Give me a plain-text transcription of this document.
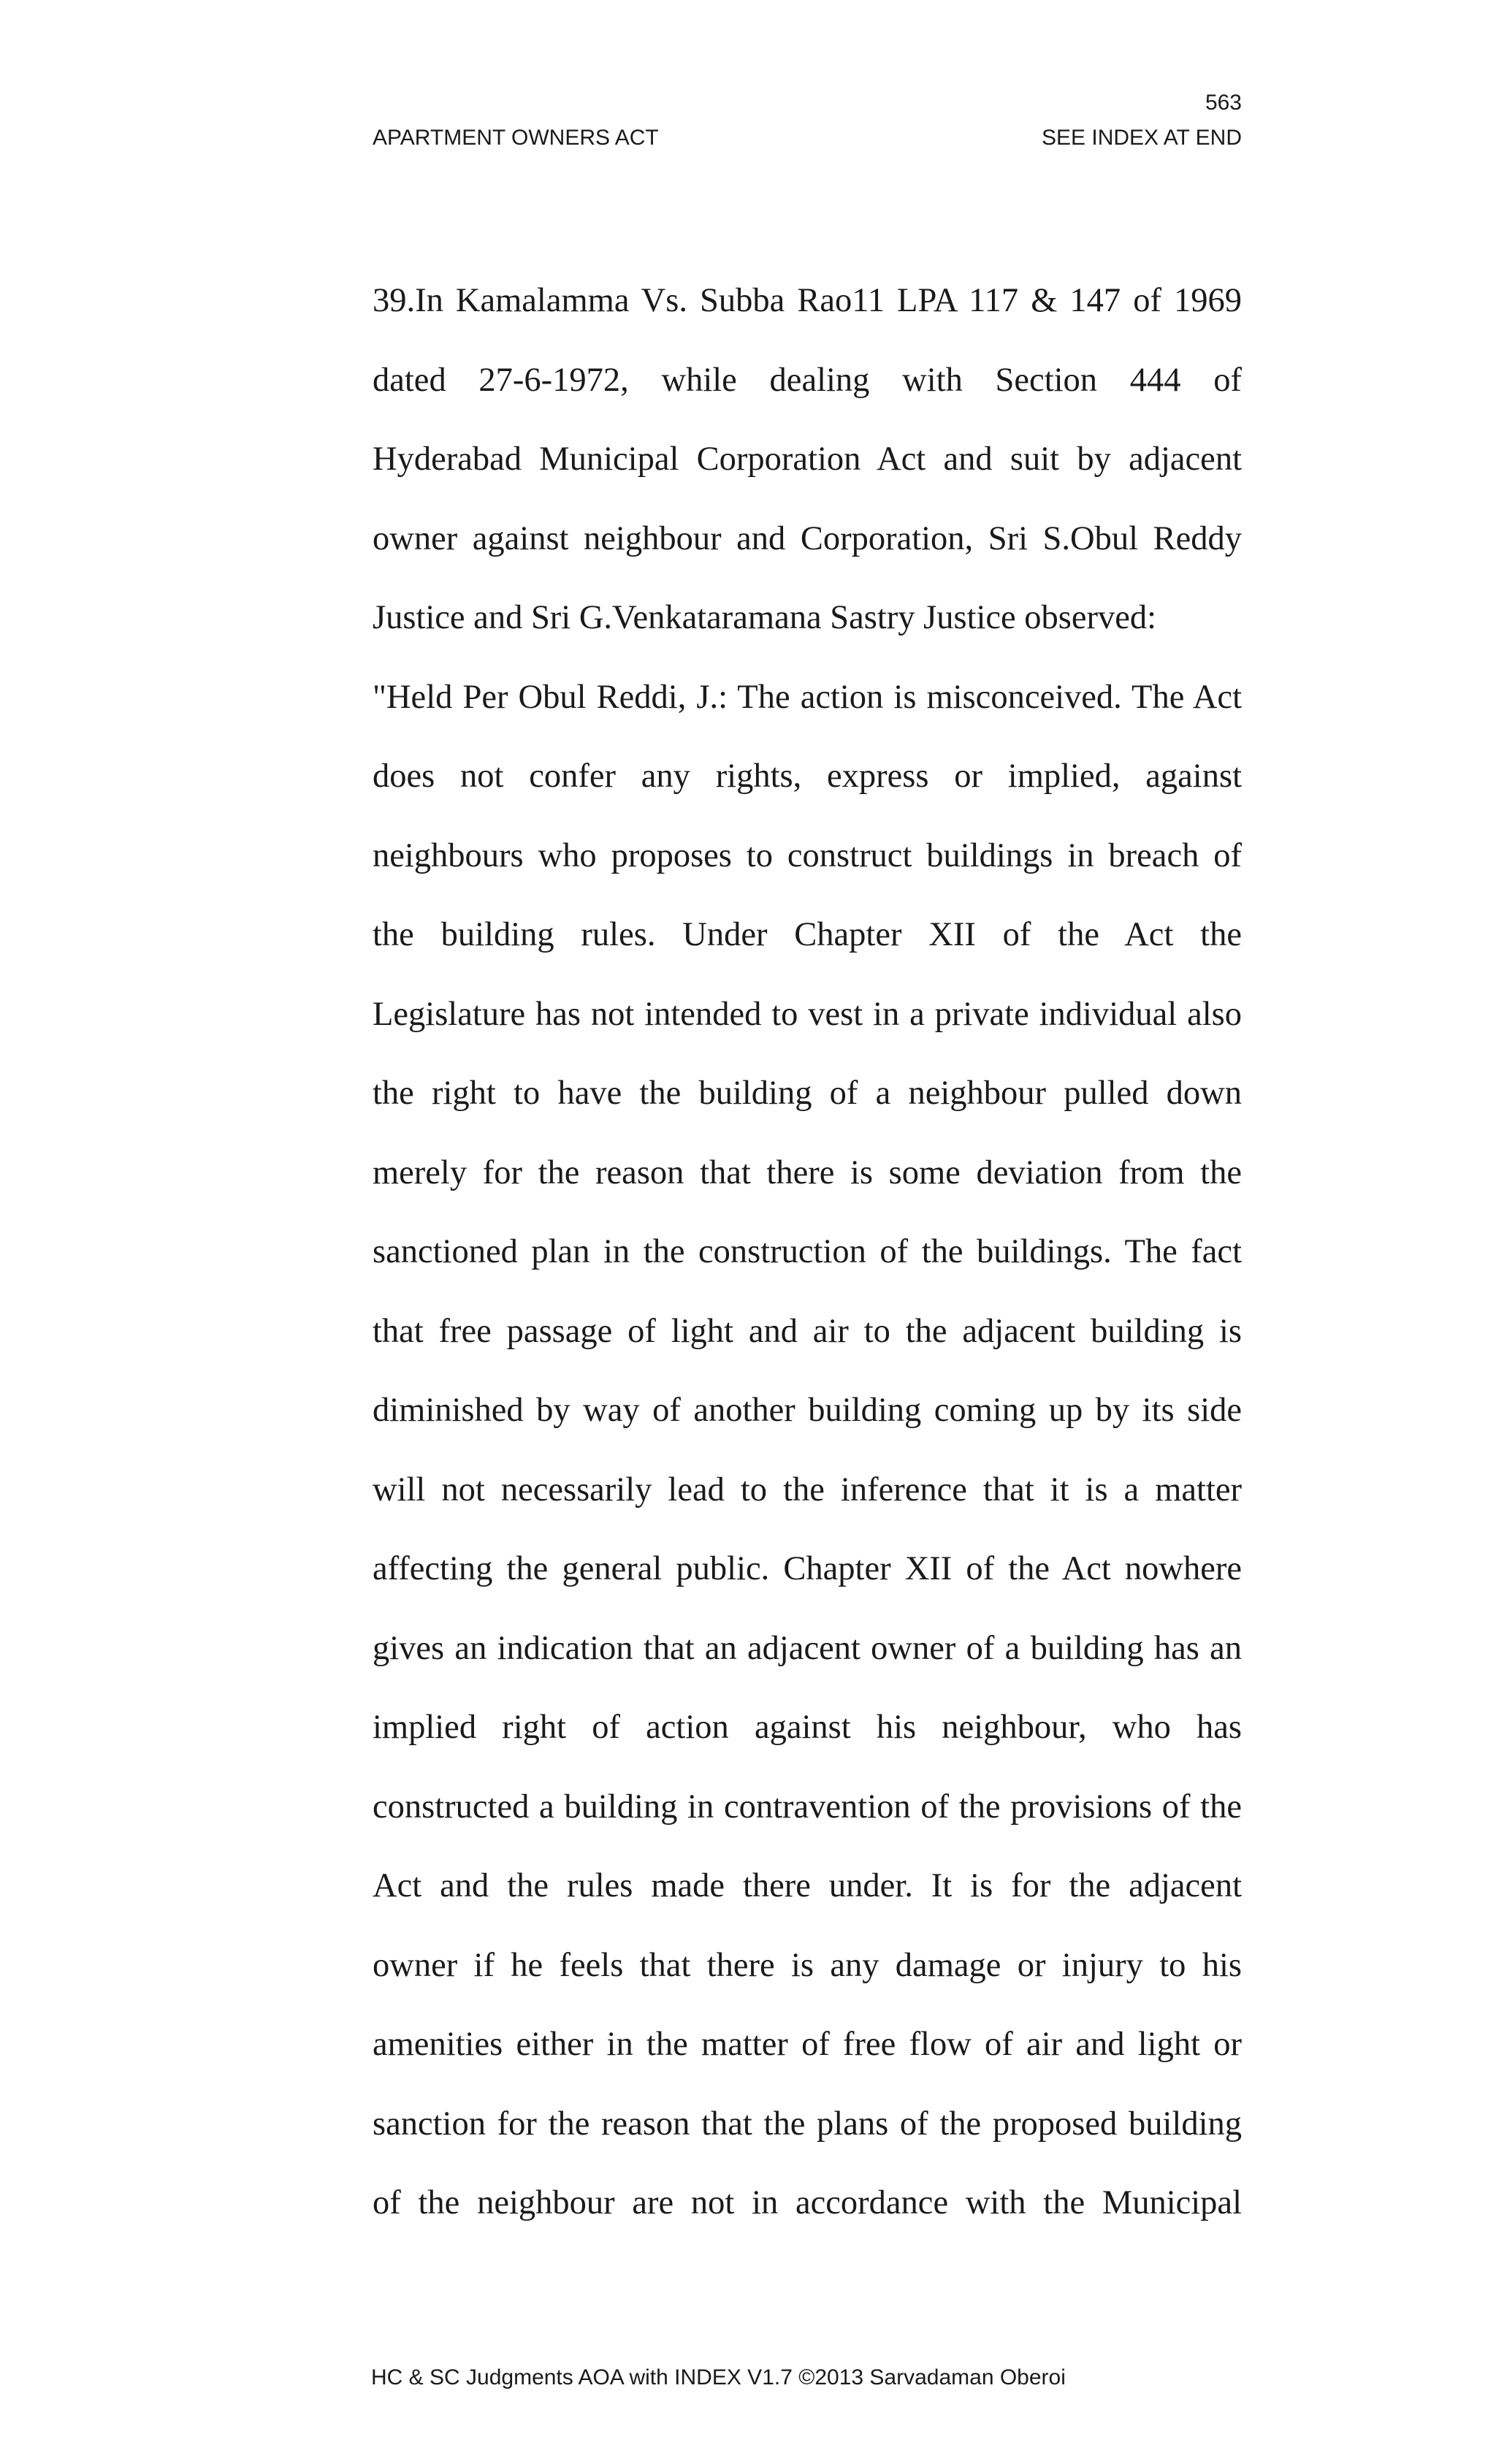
563
APARTMENT OWNERS ACT	SEE INDEX AT END
39.In Kamalamma Vs. Subba Rao11 LPA 117 & 147 of 1969
dated 27-6-1972, while dealing with Section 444 of
Hyderabad Municipal Corporation Act and suit by adjacent
owner against neighbour and Corporation, Sri S.Obul Reddy
Justice and Sri G.Venkataramana Sastry Justice observed:
"Held Per Obul Reddi, J.: The action is misconceived. The Act
does not confer any rights, express or implied, against
neighbours who proposes to construct buildings in breach of
the building rules. Under Chapter XII of the Act the
Legislature has not intended to vest in a private individual also
the right to have the building of a neighbour pulled down
merely for the reason that there is some deviation from the
sanctioned plan in the construction of the buildings. The fact
that free passage of light and air to the adjacent building is
diminished by way of another building coming up by its side
will not necessarily lead to the inference that it is a matter
affecting the general public. Chapter XII of the Act nowhere
gives an indication that an adjacent owner of a building has an
implied right of action against his neighbour, who has
constructed a building in contravention of the provisions of the
Act and the rules made there under. It is for the adjacent
owner if he feels that there is any damage or injury to his
amenities either in the matter of free flow of air and light or
sanction for the reason that the plans of the proposed building
of the neighbour are not in accordance with the Municipal
HC & SC Judgments AOA with INDEX V1.7 ©2013 Sarvadaman Oberoi
